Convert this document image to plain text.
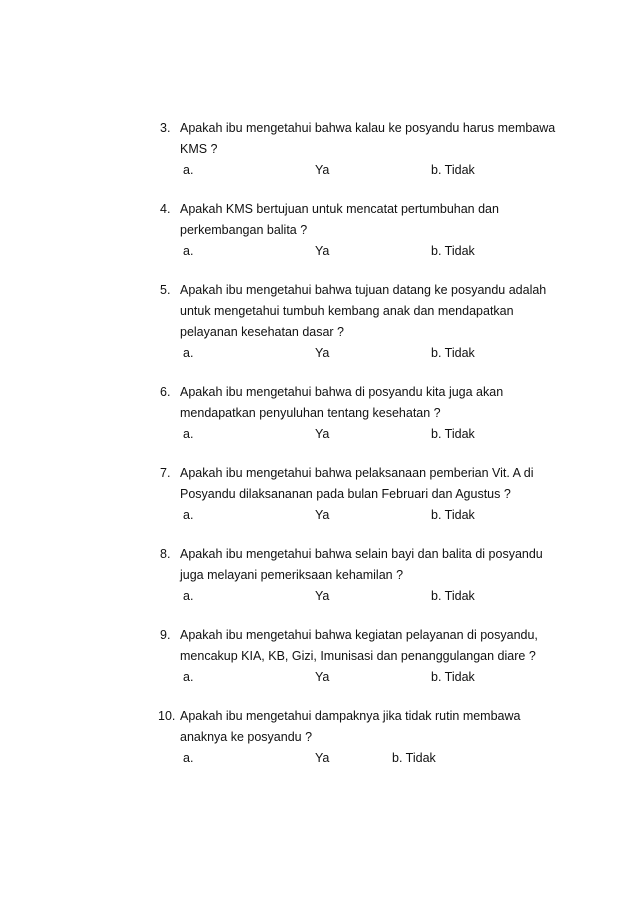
3. Apakah ibu mengetahui bahwa kalau ke posyandu harus membawa
KMS ?
a.	Ya	b. Tidak
4. Apakah KMS bertujuan untuk mencatat pertumbuhan dan
perkembangan balita ?
a.	Ya	b. Tidak
5. Apakah ibu mengetahui bahwa tujuan datang ke posyandu adalah
untuk mengetahui tumbuh kembang anak dan mendapatkan
pelayanan kesehatan dasar ?
a.	Ya	b. Tidak
6. Apakah ibu mengetahui bahwa di posyandu kita juga akan
mendapatkan penyuluhan tentang kesehatan ?
a.	Ya	b. Tidak
7. Apakah ibu mengetahui bahwa pelaksanaan pemberian Vit. A di
Posyandu dilaksananan pada bulan Februari dan Agustus ?
a.	Ya	b. Tidak
8. Apakah ibu mengetahui bahwa selain bayi dan balita di posyandu
juga melayani pemeriksaan kehamilan ?
a.	Ya	b. Tidak
9. Apakah ibu mengetahui bahwa kegiatan pelayanan di posyandu,
mencakup KIA, KB, Gizi, Imunisasi dan penanggulangan diare ?
a.	Ya	b. Tidak
10. Apakah ibu mengetahui dampaknya jika tidak rutin membawa
anaknya ke posyandu ?
a.	Ya	b. Tidak
